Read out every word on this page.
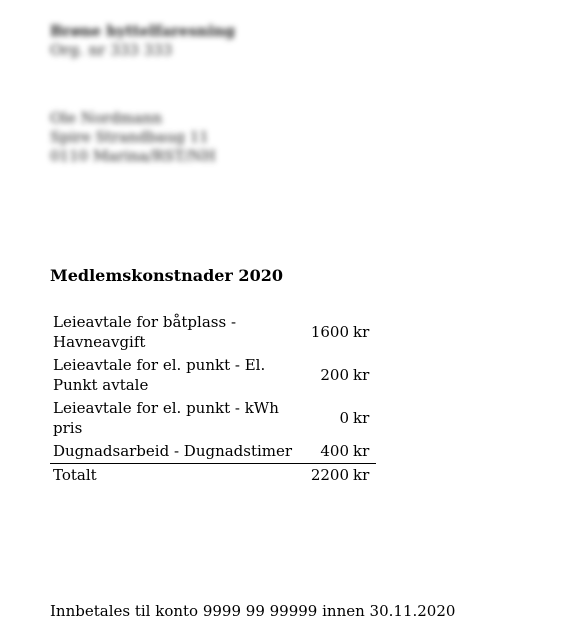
Brøne hyttelfaresning
Org. nr 333 333
Ole Nordmann
Spire Strandbaug 11
0110 Marina/RST/NH
Medlemskonstnader 2020
Leieavtale for båtplass - Havneavgift	1600	kr
Leieavtale for el. punkt - El. Punkt avtale	200	kr
Leieavtale for el. punkt - kWh pris	0	kr
Dugnadsarbeid - Dugnadstimer	400	kr
Totalt	2200	kr
Innbetales til konto 9999 99 99999 innen 30.11.2020
